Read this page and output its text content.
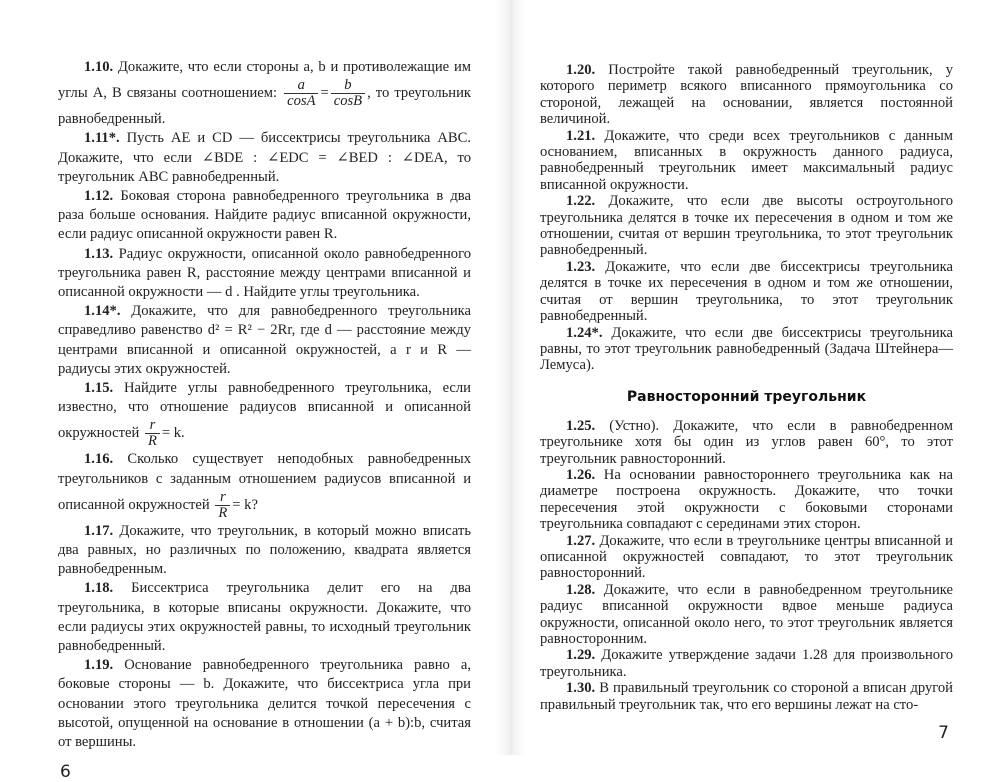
1.10. Докажите, что если стороны a, b и противолежащие им углы A, B связаны соотношением: $\frac{a}{\cos A} = \frac{b}{\cos B}$ , то треугольник равнобедренный.

1.11*. Пусть AE и CD — биссектрисы треугольника ABC. Докажите, что если ∠BDE : ∠EDC = ∠BED : ∠DEA, то треугольник ABC равнобедренный.

1.12. Боковая сторона равнобедренного треугольника в два раза больше основания. Найдите радиус вписанной окружности, если радиус описанной окружности равен R.

1.13. Радиус окружности, описанной около равнобедренного треугольника равен R, расстояние между центрами вписанной и описанной окружности — d . Найдите углы треугольника.

1.14*. Докажите, что для равнобедренного треугольника справедливо равенство d² = R² − 2Rr, где d — расстояние между центрами вписанной и описанной окружностей, а r и R — радиусы этих окружностей.

1.15. Найдите углы равнобедренного треугольника, если известно, что отношение радиусов вписанной и описанной окружностей $\frac{r}{R} = k$.

1.16. Сколько существует неподобных равнобедренных треугольников с заданным отношением радиусов вписанной и описанной окружностей $\frac{r}{R} = k$?

1.17. Докажите, что треугольник, в который можно вписать два равных, но различных по положению, квадрата является равнобедренным.

1.18. Биссектриса треугольника делит его на два треугольника, в которые вписаны окружности. Докажите, что если радиусы этих окружностей равны, то исходный треугольник равнобедренный.

1.19. Основание равнобедренного треугольника равно a, боковые стороны — b. Докажите, что биссектриса угла при основании этого треугольника делится точкой пересечения с высотой, опущенной на основание в отношении (a + b):b, считая от вершины.

6

1.20. Постройте такой равнобедренный треугольник, у которого периметр всякого вписанного прямоугольника со стороной, лежащей на основании, является постоянной величиной.

1.21. Докажите, что среди всех треугольников с данным основанием, вписанных в окружность данного радиуса, равнобедренный треугольник имеет максимальный радиус вписанной окружности.

1.22. Докажите, что если две высоты остроугольного треугольника делятся в точке их пересечения в одном и том же отношении, считая от вершин треугольника, то этот треугольник равнобедренный.

1.23. Докажите, что если две биссектрисы треугольника делятся в точке их пересечения в одном и том же отношении, считая от вершин треугольника, то этот треугольник равнобедренный.

1.24*. Докажите, что если две биссектрисы треугольника равны, то этот треугольник равнобедренный (Задача Штейнера—Лемуса).

Равносторонний треугольник

1.25. (Устно). Докажите, что если в равнобедренном треугольнике хотя бы один из углов равен 60°, то этот треугольник равносторонний.

1.26. На основании равностороннего треугольника как на диаметре построена окружность. Докажите, что точки пересечения этой окружности с боковыми сторонами треугольника совпадают с серединами этих сторон.

1.27. Докажите, что если в треугольнике центры вписанной и описанной окружностей совпадают, то этот треугольник равносторонний.

1.28. Докажите, что если в равнобедренном треугольнике радиус вписанной окружности вдвое меньше радиуса окружности, описанной около него, то этот треугольник является равносторонним.

1.29. Докажите утверждение задачи 1.28 для произвольного треугольника.

1.30. В правильный треугольник со стороной a вписан другой правильный треугольник так, что его вершины лежат на сто-

7
